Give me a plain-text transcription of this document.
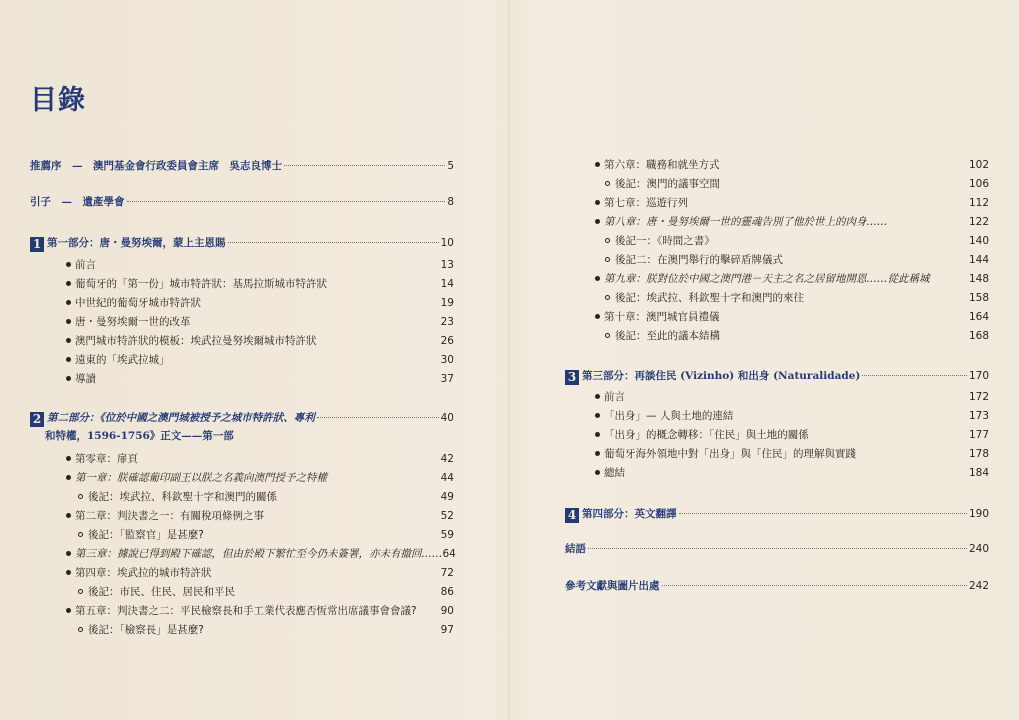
目錄
推薦序　—　澳門基金會行政委員會主席　吳志良博士	5
引子　—　遺產學會	8
1 第一部分：唐・曼努埃爾，蒙上主恩賜	10
前言	13
葡萄牙的「第一份」城市特許狀：基馬拉斯城市特許狀	14
中世紀的葡萄牙城市特許狀	19
唐・曼努埃爾一世的改革	23
澳門城市特許狀的模板：埃武拉曼努埃爾城市特許狀	26
遠東的「埃武拉城」	30
導讀	37
2 第二部分：《位於中國之澳門城被授予之城市特許狀、專利	40
和特權，1596-1756》正文——第一部
第零章：扉頁	42
第一章：朕確認葡印副王以朕之名義向澳門授予之特權	44
後記：埃武拉、科欽聖十字和澳門的關係	49
第二章：判決書之一：有關稅項條例之事	52
後記：「監察官」是甚麼?	59
第三章：據說已得到殿下確認，但由於殿下繁忙至今仍未簽署，亦未有撤回…… 64
第四章：埃武拉的城市特許狀	72
後記：市民、住民、居民和平民	86
第五章：判決書之二：平民檢察長和手工業代表應否恆常出席議事會會議? 90
後記：「檢察長」是甚麼?	97
第六章：職務和就坐方式	102
後記：澳門的議事空間	106
第七章：巡遊行列	112
第八章：唐・曼努埃爾一世的靈魂告別了他於世上的肉身……	122
後記一：《時間之書》	140
後記二：在澳門舉行的擊碎盾牌儀式	144
第九章：朕對位於中國之澳門港－天主之名之居留地開恩……從此稱城	148
後記：埃武拉、科欽聖十字和澳門的來往	158
第十章：澳門城官員禮儀	164
後記：至此的議本結構	168
3 第三部分：再談住民 (Vizinho) 和出身 (Naturalidade)	170
前言	172
「出身」— 人與土地的連結	173
「出身」的概念轉移：「住民」與土地的關係	177
葡萄牙海外領地中對「出身」與「住民」的理解與實踐	178
總結	184
4 第四部分：英文翻譯	190
結語	240
參考文獻與圖片出處	242
